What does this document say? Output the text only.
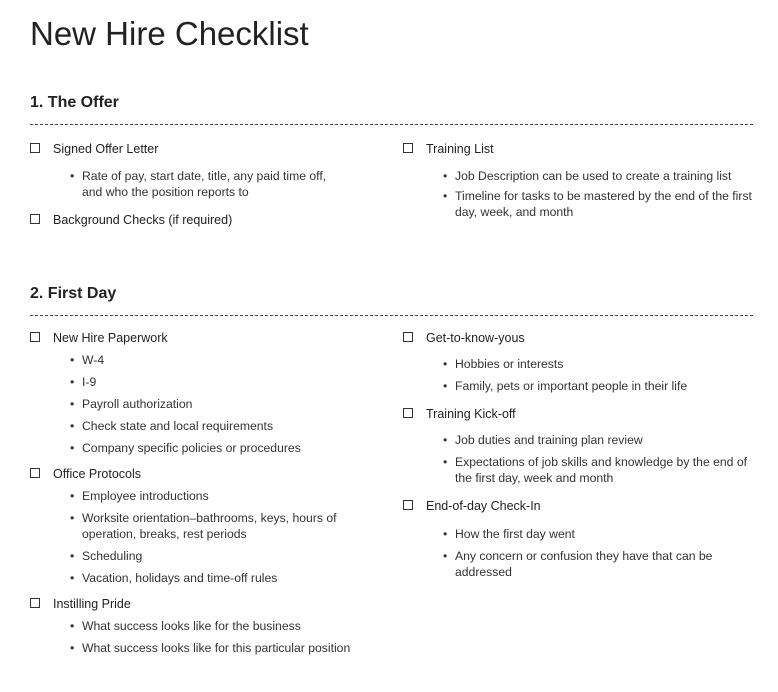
New Hire Checklist
1. The Offer
Signed Offer Letter
• Rate of pay, start date, title, any paid time off, and who the position reports to
Background Checks (if required)
Training List
• Job Description can be used to create a training list
• Timeline for tasks to be mastered by the end of the first day, week, and month
2. First Day
New Hire Paperwork
• W-4
• I-9
• Payroll authorization
• Check state and local requirements
• Company specific policies or procedures
Office Protocols
• Employee introductions
• Worksite orientation–bathrooms, keys, hours of operation, breaks, rest periods
• Scheduling
• Vacation, holidays and time-off rules
Instilling Pride
• What success looks like for the business
• What success looks like for this particular position
Get-to-know-yous
• Hobbies or interests
• Family, pets or important people in their life
Training Kick-off
• Job duties and training plan review
• Expectations of job skills and knowledge by the end of the first day, week and month
End-of-day Check-In
• How the first day went
• Any concern or confusion they have that can be addressed
